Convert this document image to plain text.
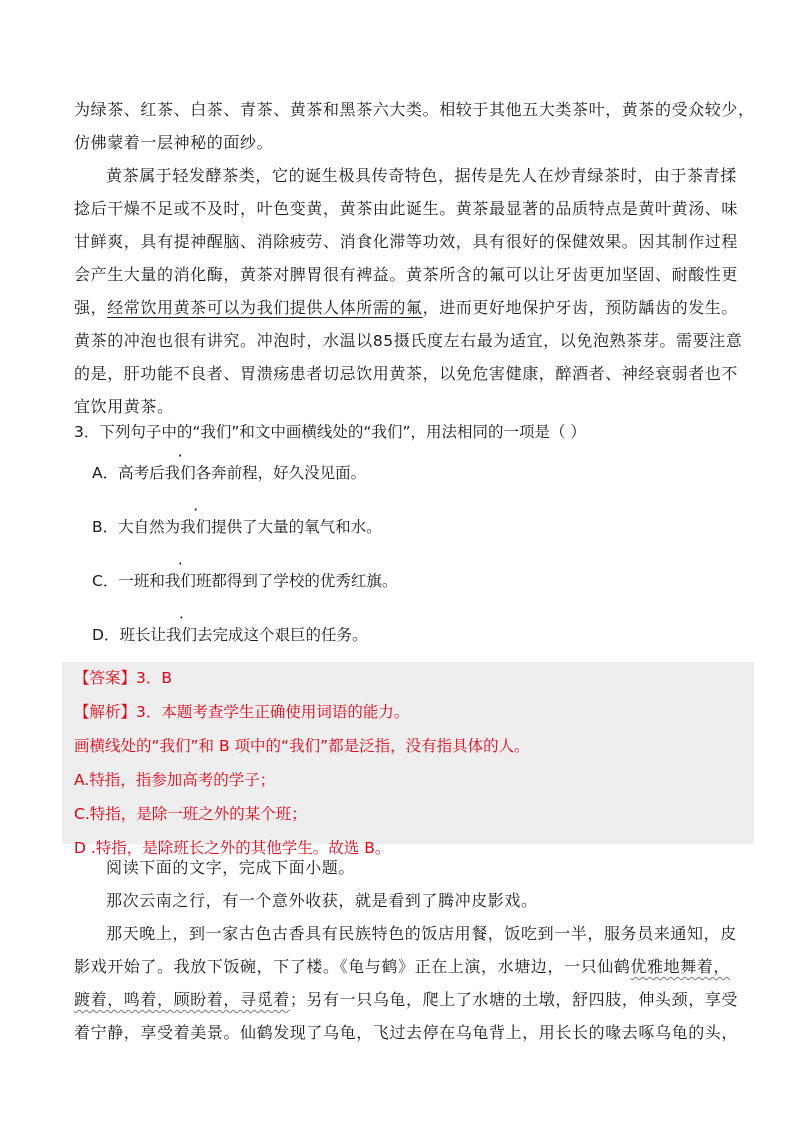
为绿茶、红茶、白茶、青茶、黄茶和黑茶六大类。相较于其他五大类茶叶，黄茶的受众较少，
仿佛蒙着一层神秘的面纱。
黄茶属于轻发酵茶类，它的诞生极具传奇特色，据传是先人在炒青绿茶时，由于茶青揉
捻后干燥不足或不及时，叶色变黄，黄茶由此诞生。黄茶最显著的品质特点是黄叶黄汤、味
甘鲜爽，具有提神醒脑、消除疲劳、消食化滞等功效，具有很好的保健效果。因其制作过程
会产生大量的消化酶，黄茶对脾胃很有裨益。黄茶所含的氟可以让牙齿更加坚固、耐酸性更
强，经常饮用黄茶可以为我们提供人体所需的氟，进而更好地保护牙齿，预防龋齿的发生。
黄茶的冲泡也很有讲究。冲泡时，水温以85摄氏度左右最为适宜，以免泡熟茶芽。需要注意
的是，肝功能不良者、胃溃疡患者切忌饮用黄茶，以免危害健康，醉酒者、神经衰弱者也不
宜饮用黄茶。
3．下列句子中的“我们”和文中画横线处的“我们”，用法相同的一项是（ ）
A．高考后我们各奔前程，好久没见面。
B．大自然为我们提供了大量的氧气和水。
C．一班和我们班都得到了学校的优秀红旗。
D．班长让我们去完成这个艰巨的任务。
【答案】3．B
【解析】3．本题考查学生正确使用词语的能力。
画横线处的“我们”和 B 项中的“我们”都是泛指，没有指具体的人。
A.特指，指参加高考的学子；
C.特指，是除一班之外的某个班；
D .特指，是除班长之外的其他学生。故选 B。
阅读下面的文字，完成下面小题。
那次云南之行，有一个意外收获，就是看到了腾冲皮影戏。
那天晚上，到一家古色古香具有民族特色的饭店用餐，饭吃到一半，服务员来通知，皮
影戏开始了。我放下饭碗，下了楼。《龟与鹤》正在上演，水塘边，一只仙鹤优雅地舞着，
踱着，鸣着，顾盼着，寻觅着；另有一只乌龟，爬上了水塘的土墩，舒四肢，伸头颈，享受
着宁静，享受着美景。仙鹤发现了乌龟，飞过去停在乌龟背上，用长长的喙去啄乌龟的头，
